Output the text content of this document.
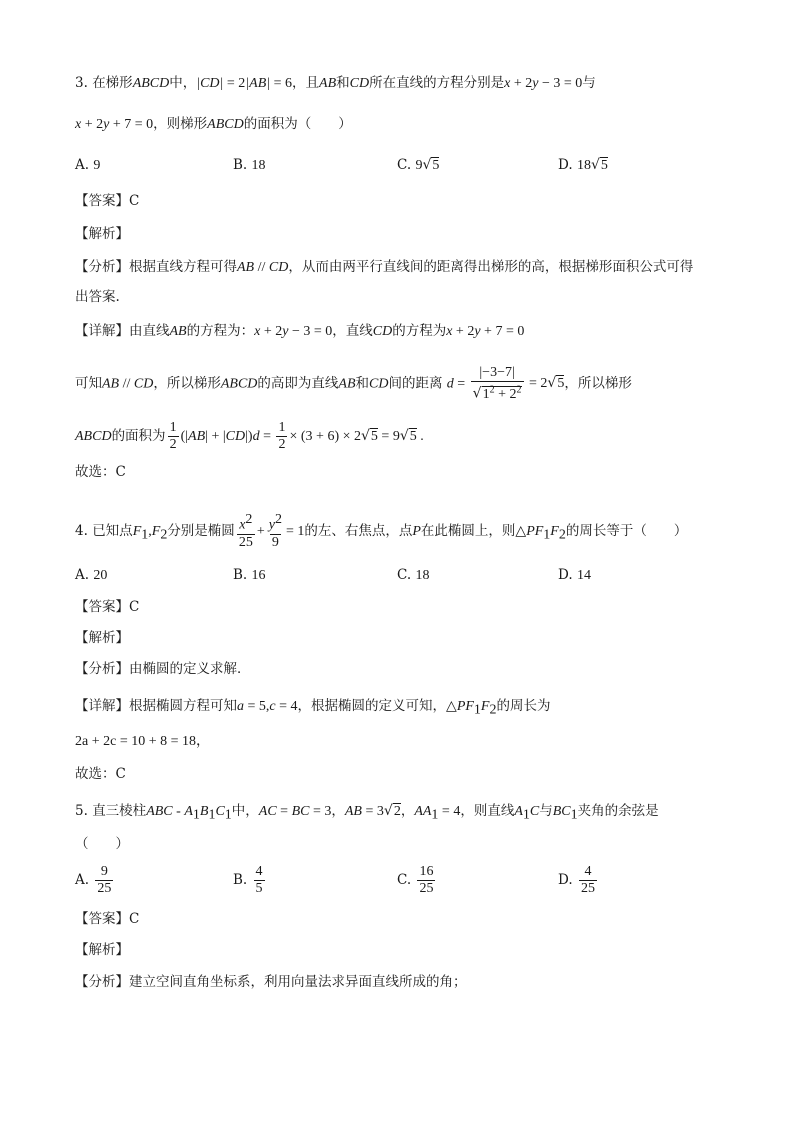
3. 在梯形ABCD中，|CD| = 2|AB| = 6，且AB和CD所在直线的方程分别是x + 2y − 3 = 0与
x + 2y + 7 = 0，则梯形ABCD的面积为（　　）
A. 9	B. 18	C. 9√5	D. 18√5
【答案】C
【解析】
【分析】根据直线方程可得AB // CD，从而由两平行直线间的距离得出梯形的高，根据梯形面积公式可得
出答案.
【详解】由直线AB的方程为：x + 2y − 3 = 0，直线CD的方程为x + 2y + 7 = 0
可知AB // CD，所以梯形ABCD的高即为直线AB和CD间的距离 $d = \frac{|-3-7|}{√1^2 + 2^2} = 2√5$，所以梯形
ABCD的面积为 $\frac{1}{2} (|AB| + |CD|)d = \frac{1}{2} \times (3 + 6) \times 2√5 = 9√5$ .
故选：C
4. 已知点$F_1,F_2$分别是椭圆 $\frac{x^2}{25} + \frac{y^2}{9} = 1$的左、右焦点，点P在此椭圆上，则$\triangle PF_1F_2$的周长等于（　　）
A. 20	B. 16	C. 18	D. 14
【答案】C
【解析】
【分析】由椭圆的定义求解．
【详解】根据椭圆方程可知a = 5,c = 4，根据椭圆的定义可知，$\triangle PF_1F_2$的周长为
2a + 2c = 10 + 8 = 18，
故选：C
5. 直三棱柱ABC - $A_1B_1C_1$中，AC = BC = 3，AB = 3√2，$AA_1 = 4$，则直线$A_1C$与$BC_1$夹角的余弦是
（　　）
A. $\frac{9}{25}$	B. $\frac{4}{5}$	C. $\frac{16}{25}$	D. $\frac{4}{25}$
【答案】C
【解析】
【分析】建立空间直角坐标系，利用向量法求异面直线所成的角；
